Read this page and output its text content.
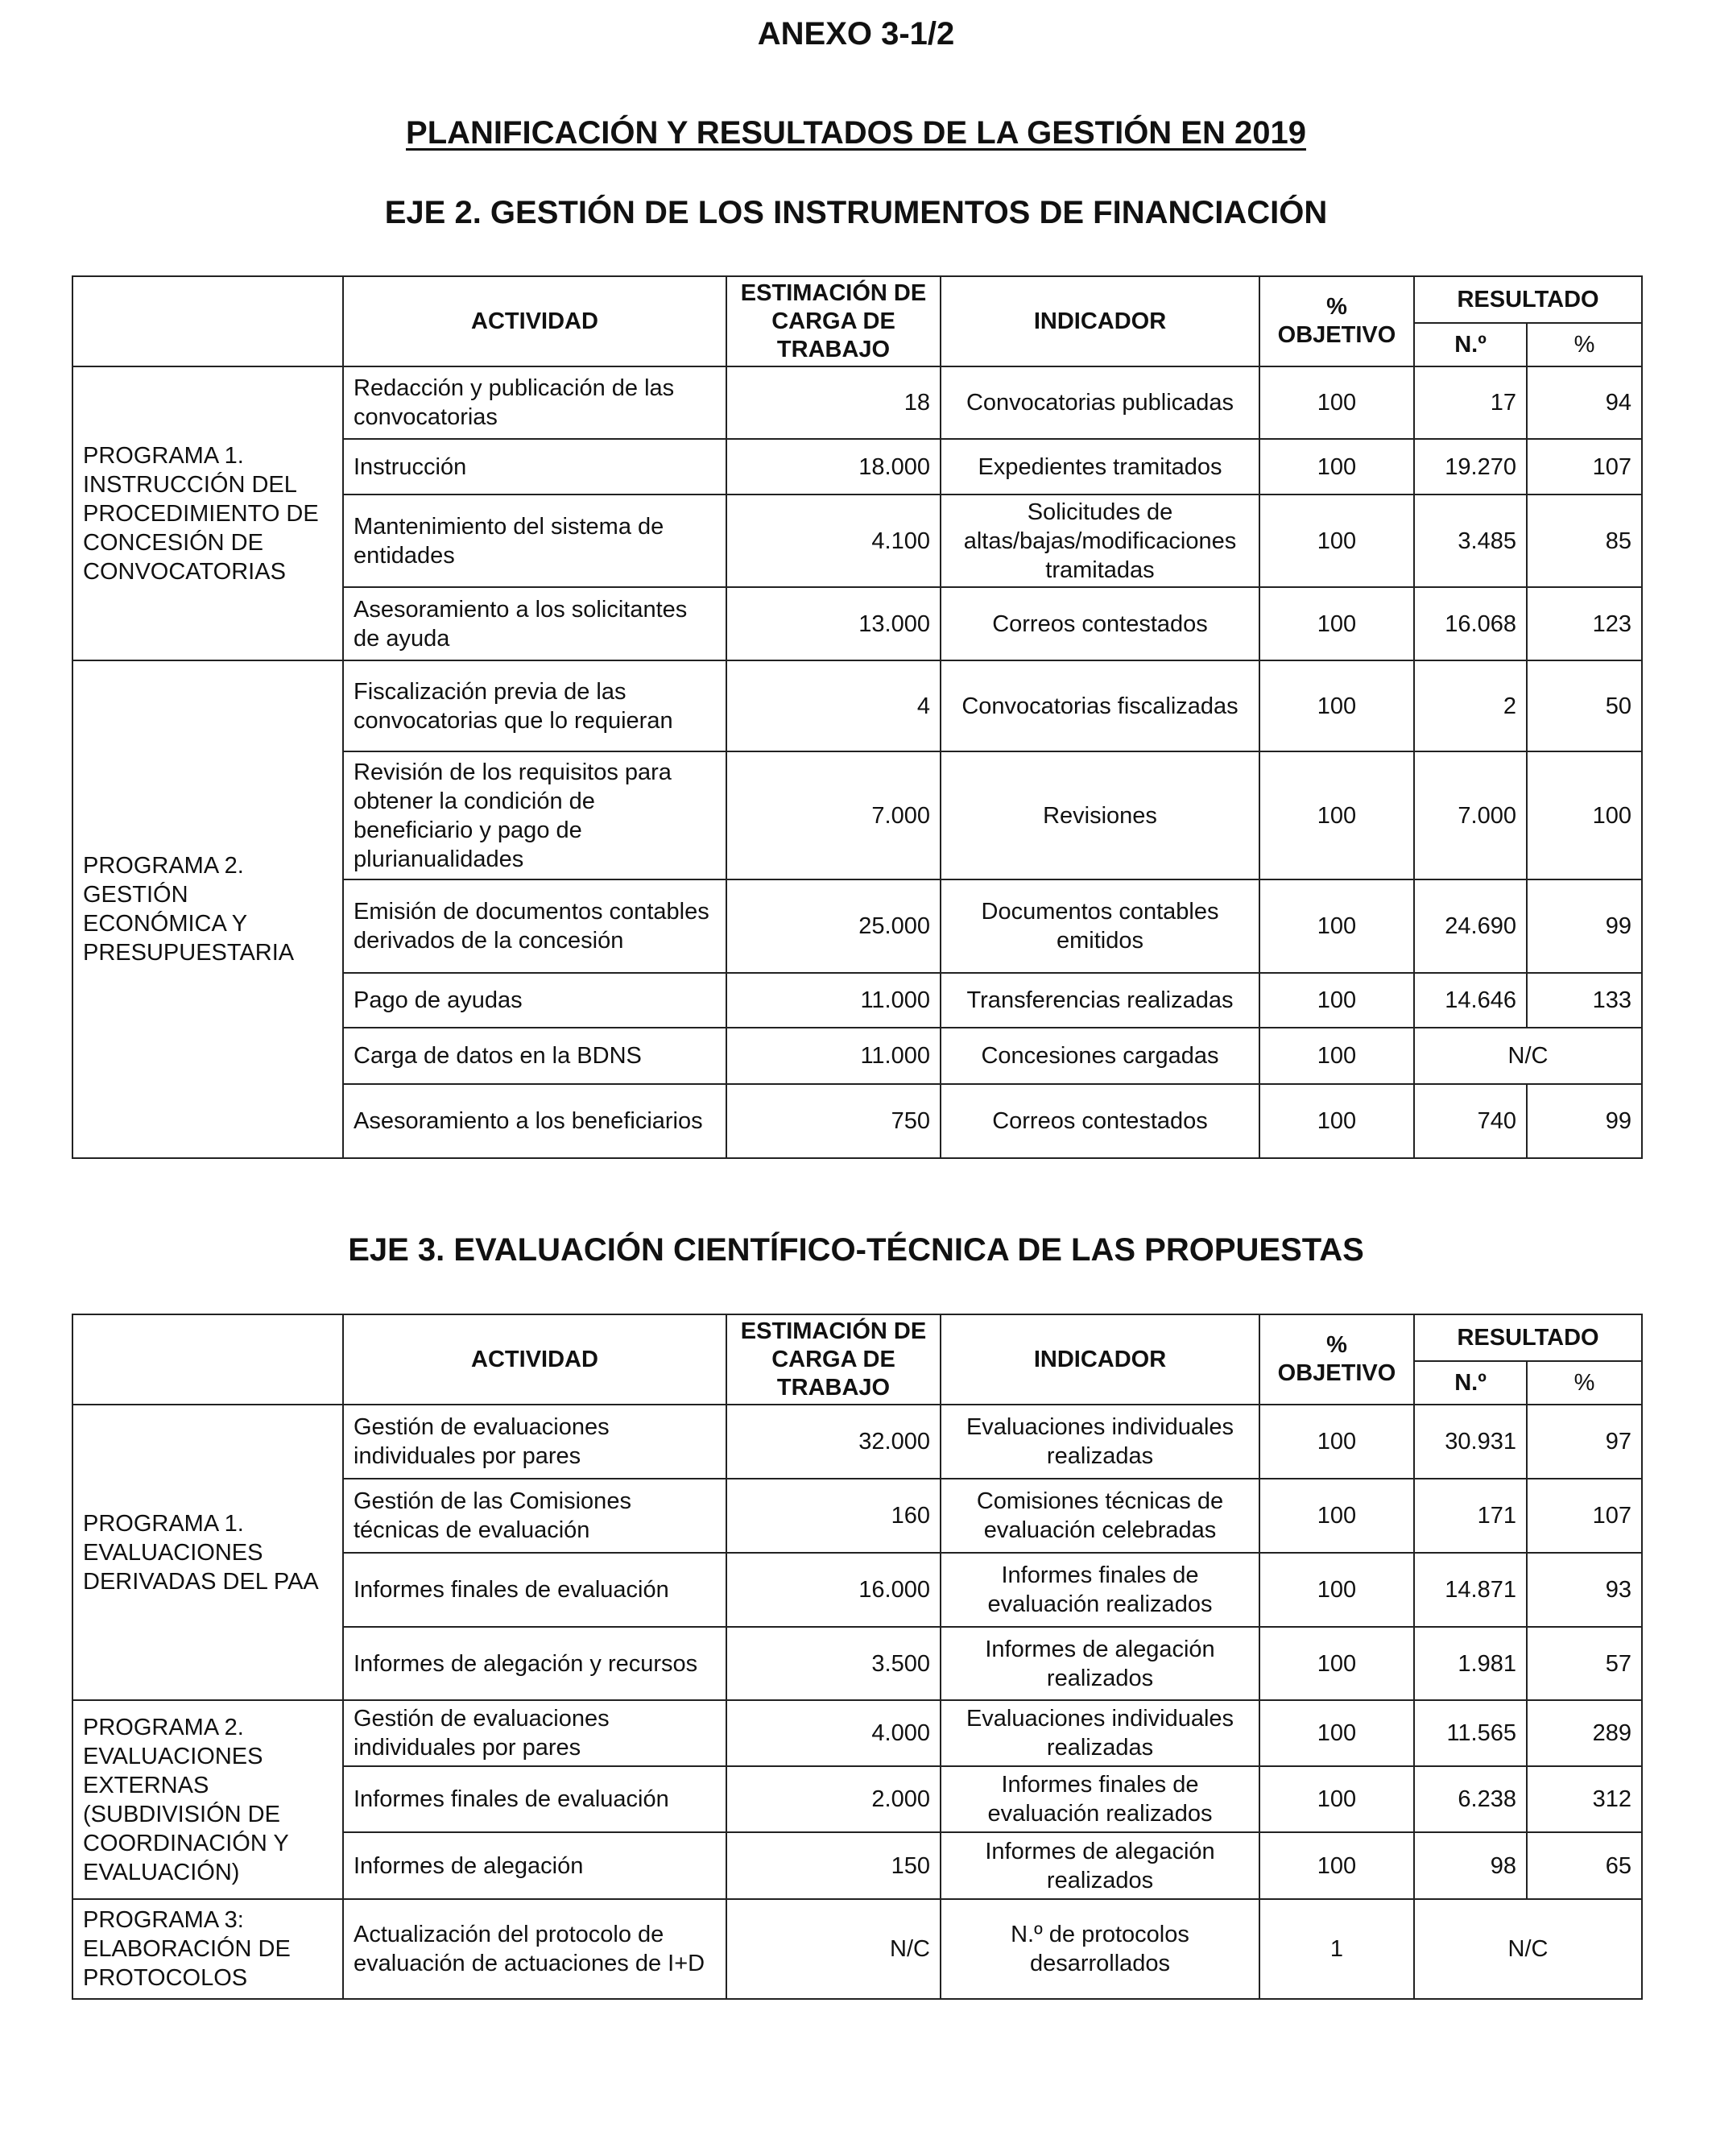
ANEXO 3-1/2
PLANIFICACIÓN Y RESULTADOS DE LA GESTIÓN EN 2019
EJE 2. GESTIÓN DE LOS INSTRUMENTOS DE FINANCIACIÓN
	ACTIVIDAD	ESTIMACIÓN DE CARGA DE TRABAJO	INDICADOR	% OBJETIVO	RESULTADO	
					N.º	%
PROGRAMA 1. INSTRUCCIÓN DEL PROCEDIMIENTO DE CONCESIÓN DE CONVOCATORIAS	Redacción y publicación de las convocatorias	18	Convocatorias publicadas	100	17	94
	Instrucción	18.000	Expedientes tramitados	100	19.270	107
	Mantenimiento del sistema de entidades	4.100	Solicitudes de altas/bajas/modificaciones tramitadas	100	3.485	85
	Asesoramiento a los solicitantes de ayuda	13.000	Correos contestados	100	16.068	123
PROGRAMA 2. GESTIÓN ECONÓMICA Y PRESUPUESTARIA	Fiscalización previa de las convocatorias que lo requieran	4	Convocatorias fiscalizadas	100	2	50
	Revisión de los requisitos para obtener la condición de beneficiario y pago de plurianualidades	7.000	Revisiones	100	7.000	100
	Emisión de documentos contables derivados de la concesión	25.000	Documentos contables emitidos	100	24.690	99
	Pago de ayudas	11.000	Transferencias realizadas	100	14.646	133
	Carga de datos en la BDNS	11.000	Concesiones cargadas	100	N/C	
	Asesoramiento a los beneficiarios	750	Correos contestados	100	740	99
EJE 3. EVALUACIÓN CIENTÍFICO-TÉCNICA DE LAS PROPUESTAS
	ACTIVIDAD	ESTIMACIÓN DE CARGA DE TRABAJO	INDICADOR	% OBJETIVO	RESULTADO	
					N.º	%
PROGRAMA 1. EVALUACIONES DERIVADAS DEL PAA	Gestión de evaluaciones individuales por pares	32.000	Evaluaciones individuales realizadas	100	30.931	97
	Gestión de las Comisiones técnicas de evaluación	160	Comisiones técnicas de evaluación celebradas	100	171	107
	Informes finales de evaluación	16.000	Informes finales de evaluación realizados	100	14.871	93
	Informes de alegación y recursos	3.500	Informes de alegación realizados	100	1.981	57
PROGRAMA 2. EVALUACIONES EXTERNAS (SUBDIVISIÓN DE COORDINACIÓN Y EVALUACIÓN)	Gestión de evaluaciones individuales por pares	4.000	Evaluaciones individuales realizadas	100	11.565	289
	Informes finales de evaluación	2.000	Informes finales de evaluación realizados	100	6.238	312
	Informes de alegación	150	Informes de alegación realizados	100	98	65
PROGRAMA 3: ELABORACIÓN DE PROTOCOLOS	Actualización del protocolo de evaluación de actuaciones de I+D	N/C	N.º de protocolos desarrollados	1	N/C	
